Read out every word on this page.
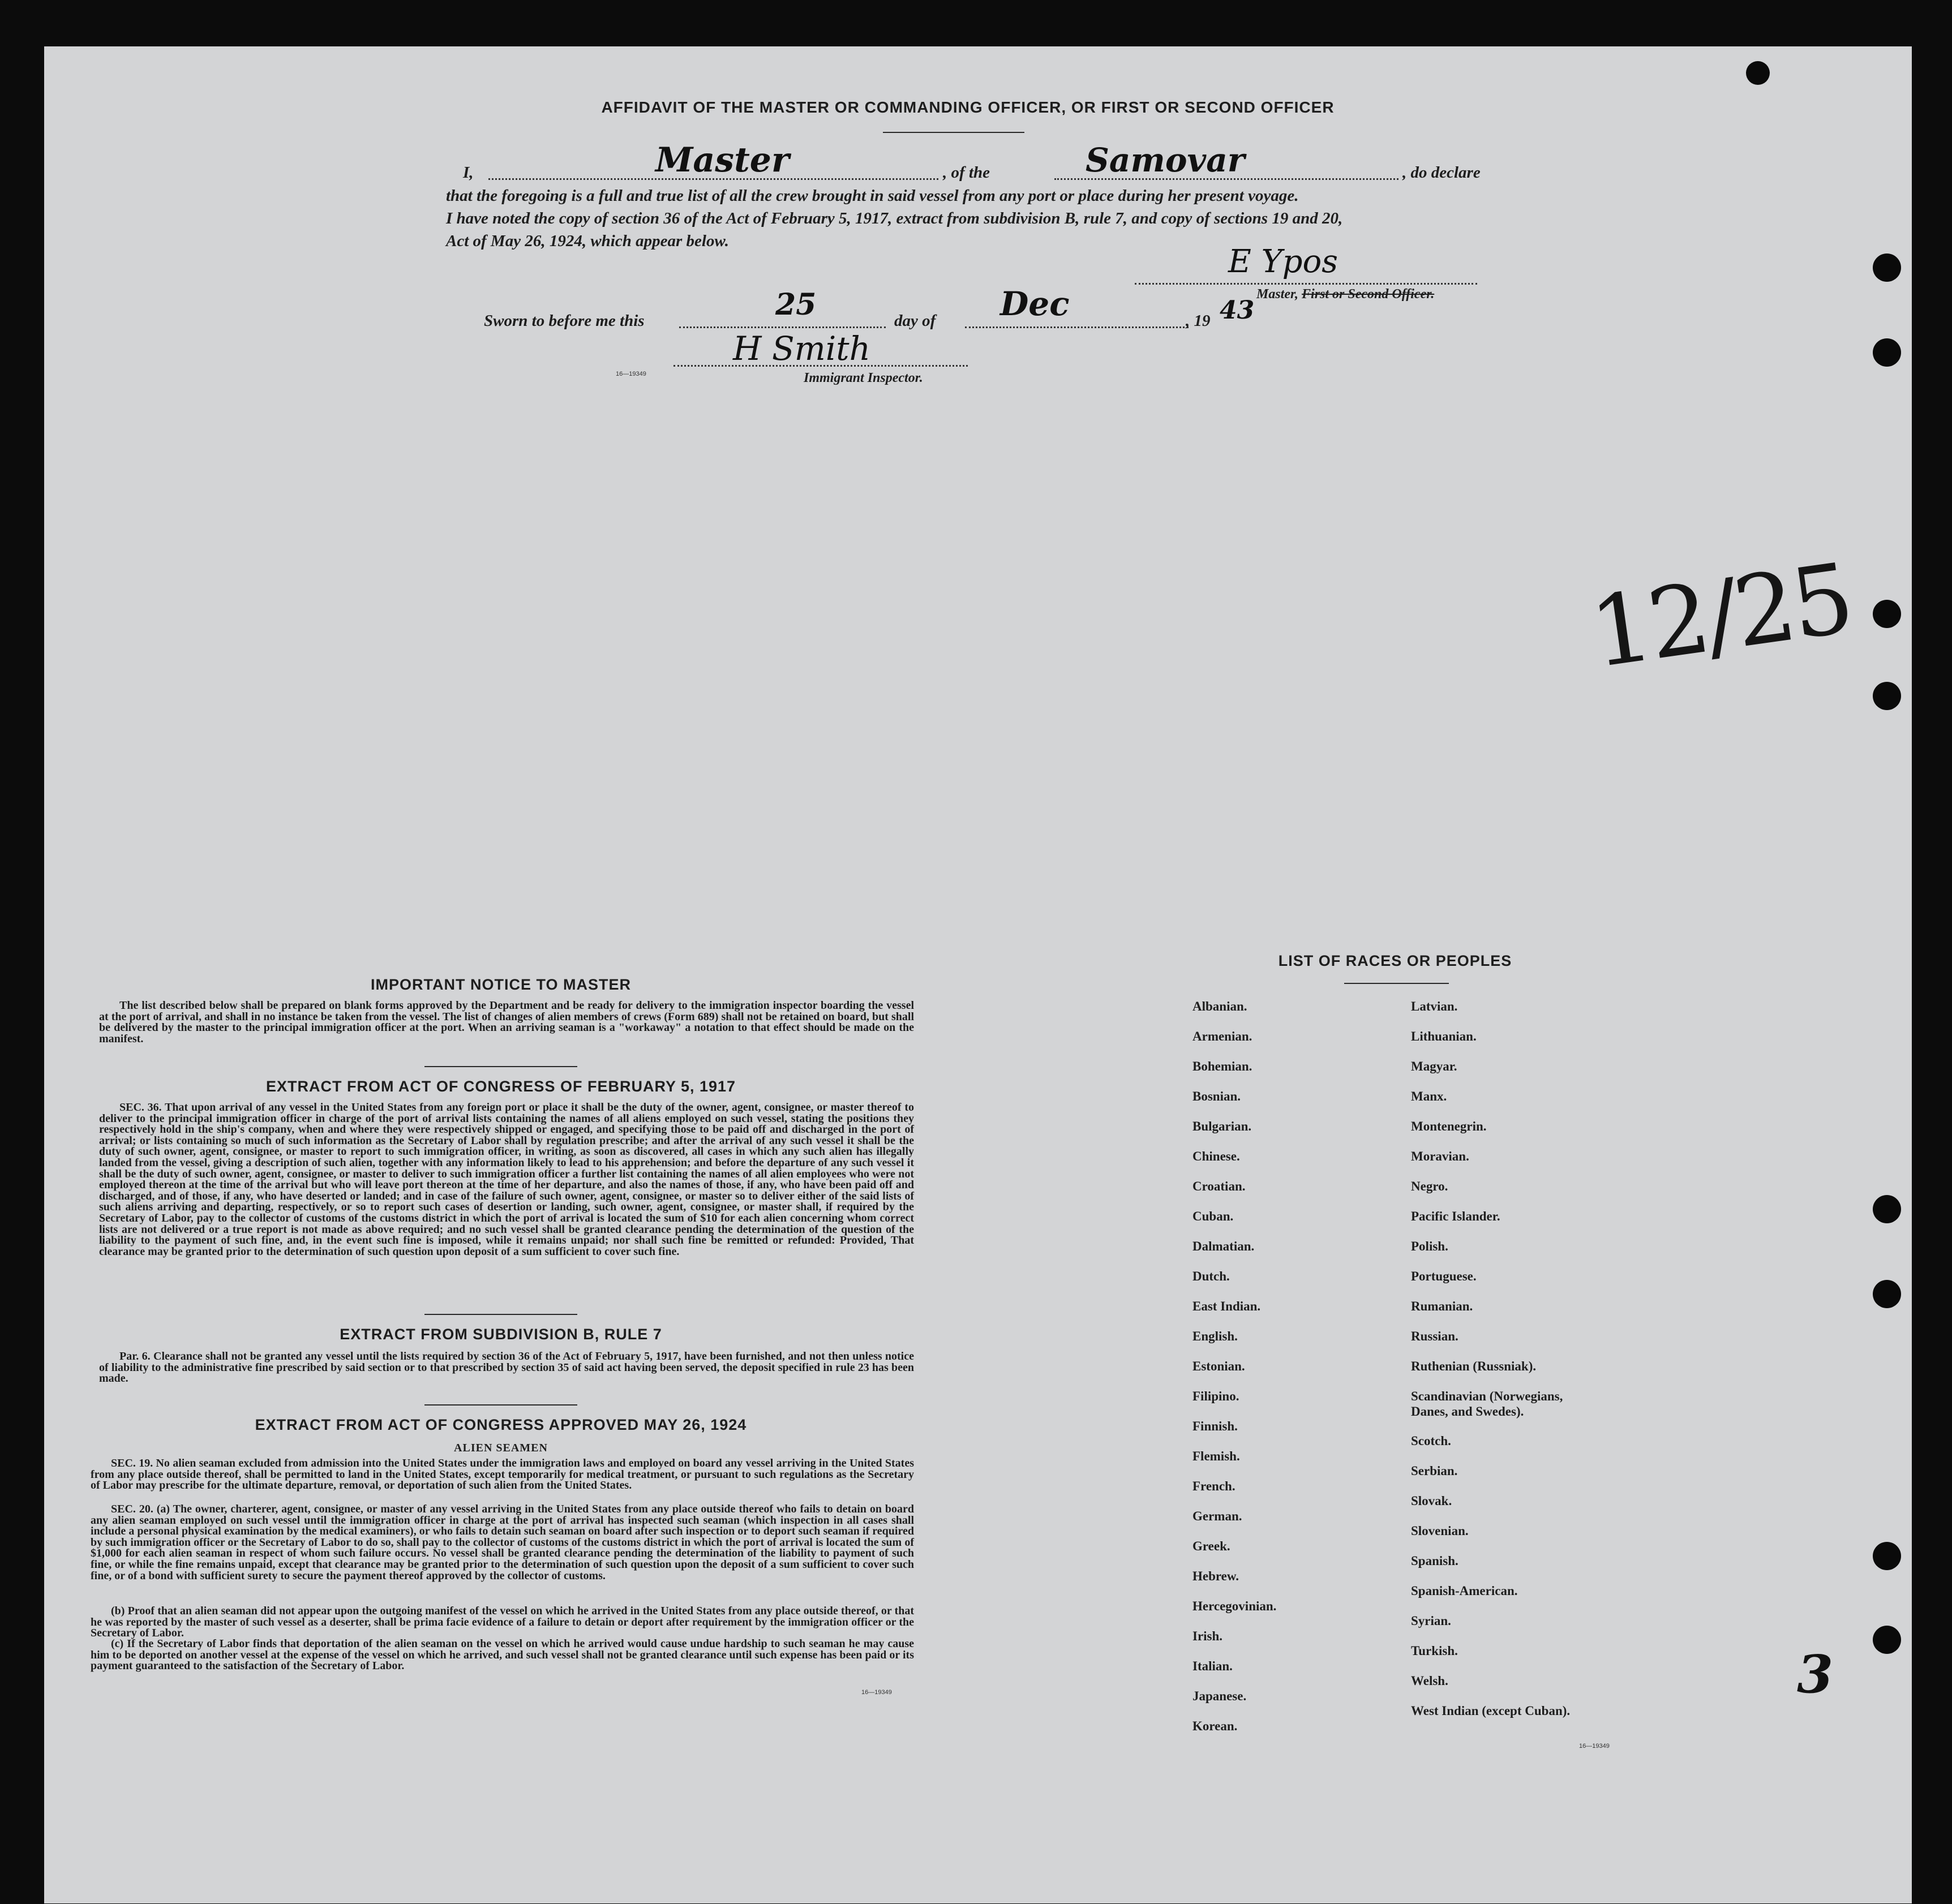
AFFIDAVIT OF THE MASTER OR COMMANDING OFFICER, OR FIRST OR SECOND OFFICER
I,	Master	, of the	Samovar	, do declare
that the foregoing is a full and true list of all the crew brought in said vessel from any port or place during her present voyage.
I have noted the copy of section 36 of the Act of February 5, 1917, extract from subdivision B, rule 7, and copy of sections 19 and 20,
Act of May 26, 1924, which appear below.
E Ypos
Master, First or Second Officer.
Sworn to before me this	25	day of Dec	, 19 43
H Smith
16—19349	Immigrant Inspector.
12/25
3
IMPORTANT NOTICE TO MASTER
The list described below shall be prepared on blank forms approved by the Department and be ready for delivery to the immigration inspector boarding the vessel at the port of arrival, and shall in no instance be taken from the vessel. The list of changes of alien members of crews (Form 689) shall not be retained on board, but shall be delivered by the master to the principal immigration officer at the port. When an arriving seaman is a "workaway" a notation to that effect should be made on the manifest.
EXTRACT FROM ACT OF CONGRESS OF FEBRUARY 5, 1917
SEC. 36. That upon arrival of any vessel in the United States from any foreign port or place it shall be the duty of the owner, agent, consignee, or master thereof to deliver to the principal immigration officer in charge of the port of arrival lists containing the names of all aliens employed on such vessel, stating the positions they respectively hold in the ship's company, when and where they were respectively shipped or engaged, and specifying those to be paid off and discharged in the port of arrival; or lists containing so much of such information as the Secretary of Labor shall by regulation prescribe; and after the arrival of any such vessel it shall be the duty of such owner, agent, consignee, or master to report to such immigration officer, in writing, as soon as discovered, all cases in which any such alien has illegally landed from the vessel, giving a description of such alien, together with any information likely to lead to his apprehension; and before the departure of any such vessel it shall be the duty of such owner, agent, consignee, or master to deliver to such immigration officer a further list containing the names of all alien employees who were not employed thereon at the time of the arrival but who will leave port thereon at the time of her departure, and also the names of those, if any, who have been paid off and discharged, and of those, if any, who have deserted or landed; and in case of the failure of such owner, agent, consignee, or master so to deliver either of the said lists of such aliens arriving and departing, respectively, or so to report such cases of desertion or landing, such owner, agent, consignee, or master shall, if required by the Secretary of Labor, pay to the collector of customs of the customs district in which the port of arrival is located the sum of $10 for each alien concerning whom correct lists are not delivered or a true report is not made as above required; and no such vessel shall be granted clearance pending the determination of the question of the liability to the payment of such fine, and, in the event such fine is imposed, while it remains unpaid; nor shall such fine be remitted or refunded: Provided, That clearance may be granted prior to the determination of such question upon deposit of a sum sufficient to cover such fine.
EXTRACT FROM SUBDIVISION B, RULE 7
Par. 6. Clearance shall not be granted any vessel until the lists required by section 36 of the Act of February 5, 1917, have been furnished, and not then unless notice of liability to the administrative fine prescribed by said section or to that prescribed by section 35 of said act having been served, the deposit specified in rule 23 has been made.
EXTRACT FROM ACT OF CONGRESS APPROVED MAY 26, 1924
ALIEN SEAMEN
SEC. 19. No alien seaman excluded from admission into the United States under the immigration laws and employed on board any vessel arriving in the United States from any place outside thereof, shall be permitted to land in the United States, except temporarily for medical treatment, or pursuant to such regulations as the Secretary of Labor may prescribe for the ultimate departure, removal, or deportation of such alien from the United States.
SEC. 20. (a) The owner, charterer, agent, consignee, or master of any vessel arriving in the United States from any place outside thereof who fails to detain on board any alien seaman employed on such vessel until the immigration officer in charge at the port of arrival has inspected such seaman (which inspection in all cases shall include a personal physical examination by the medical examiners), or who fails to detain such seaman on board after such inspection or to deport such seaman if required by such immigration officer or the Secretary of Labor to do so, shall pay to the collector of customs of the customs district in which the port of arrival is located the sum of $1,000 for each alien seaman in respect of whom such failure occurs. No vessel shall be granted clearance pending the determination of the liability to payment of such fine, or while the fine remains unpaid, except that clearance may be granted prior to the determination of such question upon the deposit of a sum sufficient to cover such fine, or of a bond with sufficient surety to secure the payment thereof approved by the collector of customs.
(b) Proof that an alien seaman did not appear upon the outgoing manifest of the vessel on which he arrived in the United States from any place outside thereof, or that he was reported by the master of such vessel as a deserter, shall be prima facie evidence of a failure to detain or deport after requirement by the immigration officer or the Secretary of Labor.
(c) If the Secretary of Labor finds that deportation of the alien seaman on the vessel on which he arrived would cause undue hardship to such seaman he may cause him to be deported on another vessel at the expense of the vessel on which he arrived, and such vessel shall not be granted clearance until such expense has been paid or its payment guaranteed to the satisfaction of the Secretary of Labor.
16—19349
LIST OF RACES OR PEOPLES
Albanian.
Armenian.
Bohemian.
Bosnian.
Bulgarian.
Chinese.
Croatian.
Cuban.
Dalmatian.
Dutch.
East Indian.
English.
Estonian.
Filipino.
Finnish.
Flemish.
French.
German.
Greek.
Hebrew.
Hercegovinian.
Irish.
Italian.
Japanese.
Korean.
Latvian.
Lithuanian.
Magyar.
Manx.
Montenegrin.
Moravian.
Negro.
Pacific Islander.
Polish.
Portuguese.
Rumanian.
Russian.
Ruthenian (Russniak).
Scandinavian (Norwegians,
Danes, and Swedes).
Scotch.
Serbian.
Slovak.
Slovenian.
Spanish.
Spanish-American.
Syrian.
Turkish.
Welsh.
West Indian (except Cuban).
16—19349
